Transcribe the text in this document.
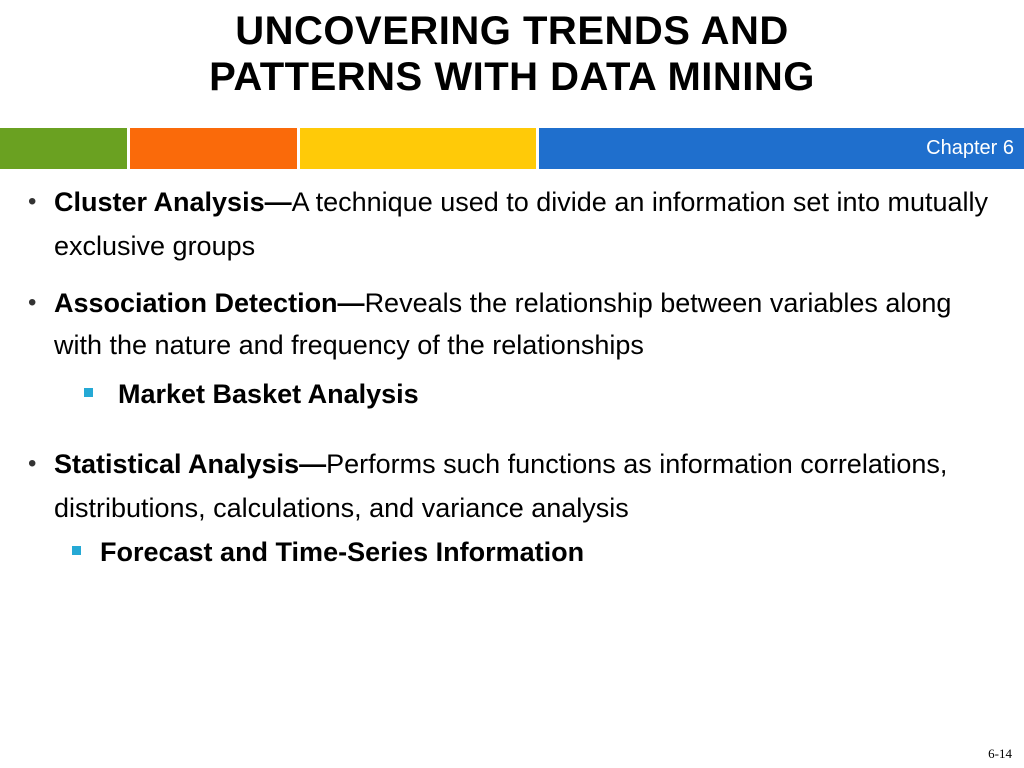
UNCOVERING TRENDS AND
PATTERNS WITH DATA MINING
Chapter 6
• Cluster Analysis—A technique used to divide an information set into mutually exclusive groups
• Association Detection—Reveals the relationship between variables along with the nature and frequency of the relationships
Market Basket Analysis
• Statistical Analysis—Performs such functions as information correlations, distributions, calculations, and variance analysis
Forecast and Time-Series Information
6-14
